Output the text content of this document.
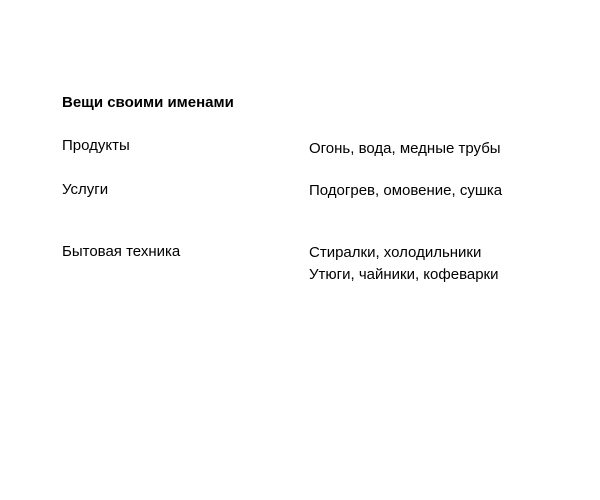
Вещи своими именами
Продукты	Огонь, вода, медные трубы
Услуги	Подогрев, омовение, сушка
Бытовая техника	Стиралки, холодильники
Утюги, чайники, кофеварки
